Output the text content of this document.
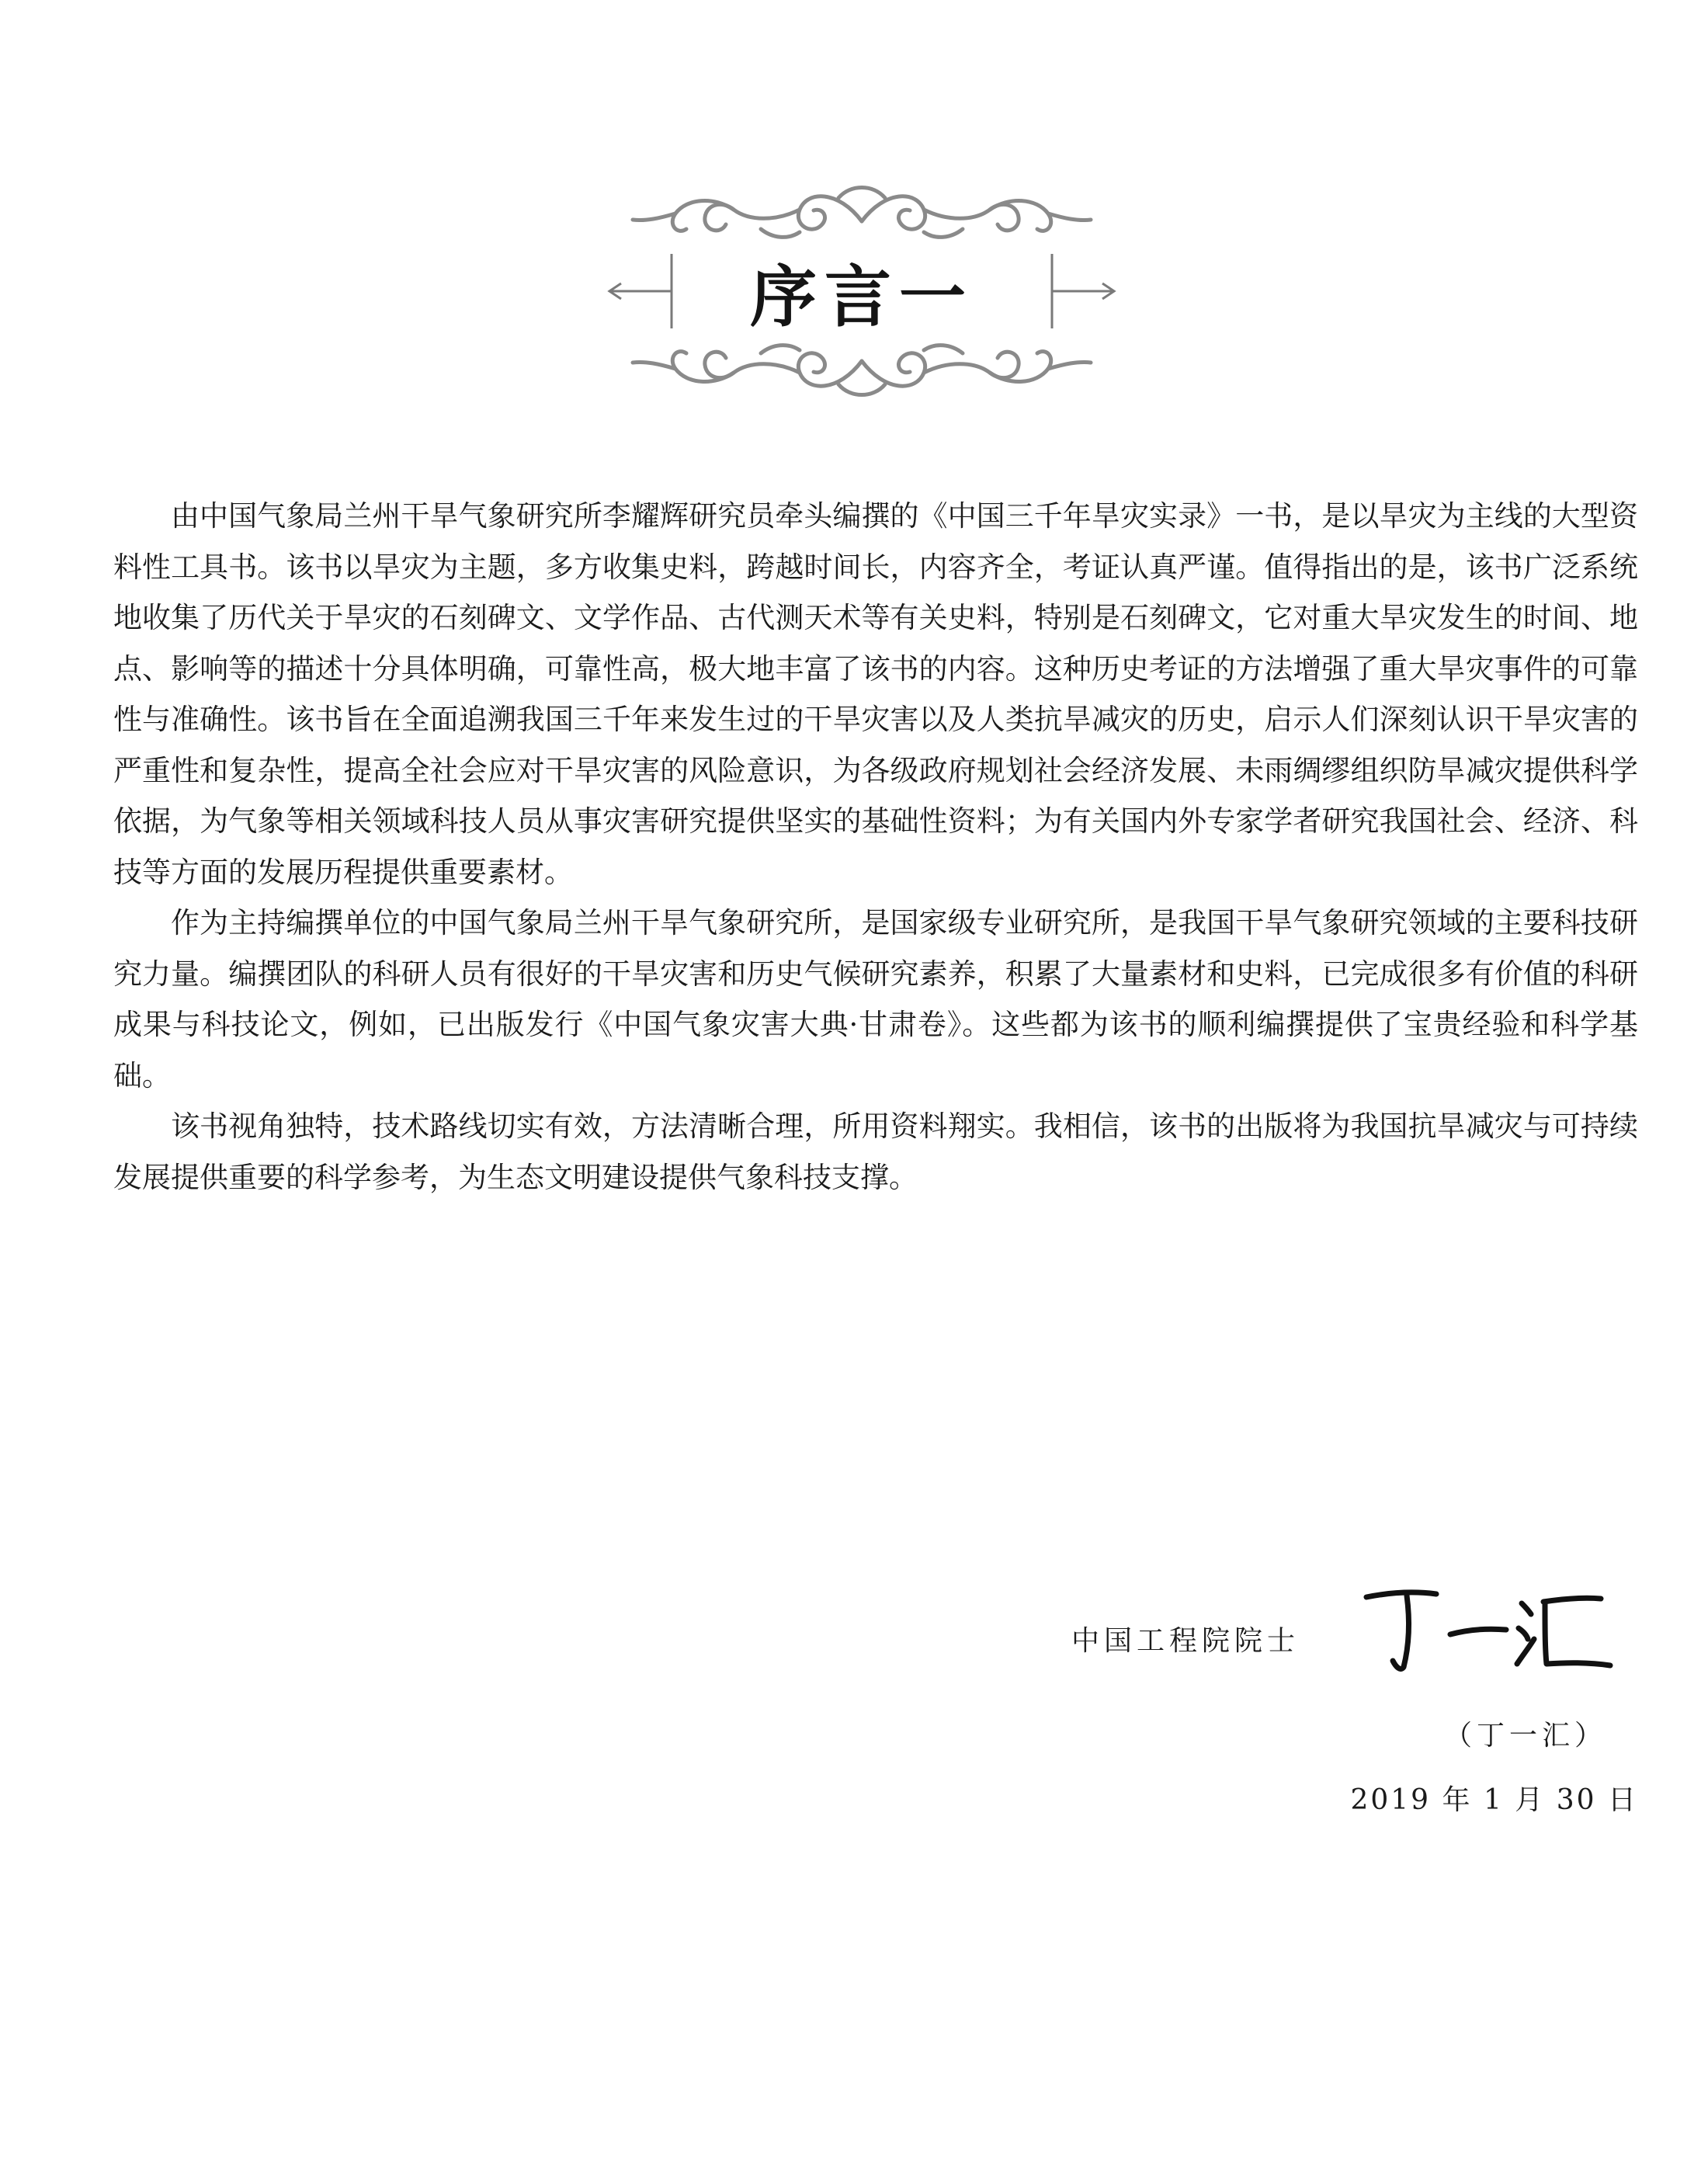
序言一

由中国气象局兰州干旱气象研究所李耀辉研究员牵头编撰的《中国三千年旱灾实录》一书，是以旱灾为主线的大型资料性工具书。该书以旱灾为主题，多方收集史料，跨越时间长，内容齐全，考证认真严谨。值得指出的是，该书广泛系统地收集了历代关于旱灾的石刻碑文、文学作品、古代测天术等有关史料，特别是石刻碑文，它对重大旱灾发生的时间、地点、影响等的描述十分具体明确，可靠性高，极大地丰富了该书的内容。这种历史考证的方法增强了重大旱灾事件的可靠性与准确性。该书旨在全面追溯我国三千年来发生过的干旱灾害以及人类抗旱减灾的历史，启示人们深刻认识干旱灾害的严重性和复杂性，提高全社会应对干旱灾害的风险意识，为各级政府规划社会经济发展、未雨绸缪组织防旱减灾提供科学依据，为气象等相关领域科技人员从事灾害研究提供坚实的基础性资料；为有关国内外专家学者研究我国社会、经济、科技等方面的发展历程提供重要素材。

作为主持编撰单位的中国气象局兰州干旱气象研究所，是国家级专业研究所，是我国干旱气象研究领域的主要科技研究力量。编撰团队的科研人员有很好的干旱灾害和历史气候研究素养，积累了大量素材和史料，已完成很多有价值的科研成果与科技论文，例如，已出版发行《中国气象灾害大典·甘肃卷》。这些都为该书的顺利编撰提供了宝贵经验和科学基础。

该书视角独特，技术路线切实有效，方法清晰合理，所用资料翔实。我相信，该书的出版将为我国抗旱减灾与可持续发展提供重要的科学参考，为生态文明建设提供气象科技支撑。

中国工程院院士
（丁一汇）
2019 年 1 月 30 日
